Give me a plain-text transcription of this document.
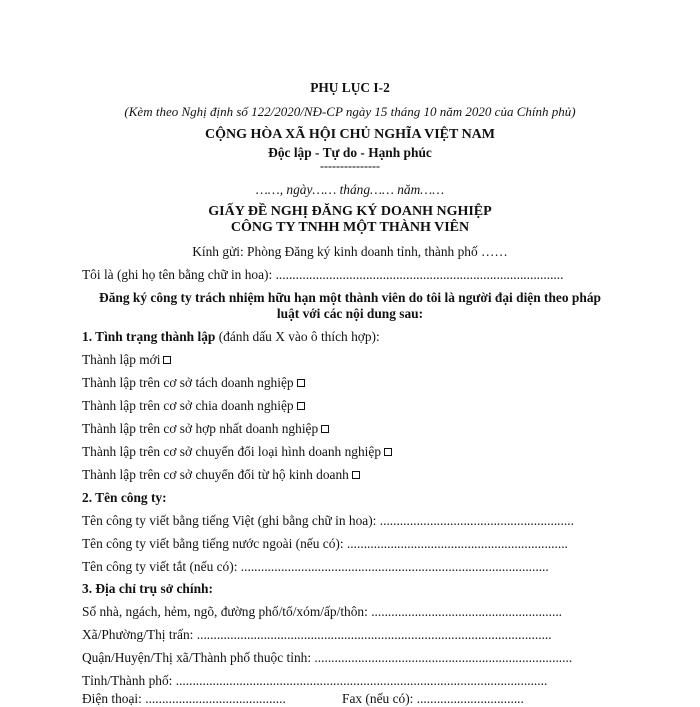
PHỤ LỤC I-2
(Kèm theo Nghị định số 122/2020/NĐ-CP ngày 15 tháng 10 năm 2020 của Chính phủ)
CỘNG HÒA XÃ HỘI CHỦ NGHĨA VIỆT NAM
Độc lập - Tự do - Hạnh phúc
---------------
……, ngày…… tháng…… năm……
GIẤY ĐỀ NGHỊ ĐĂNG KÝ DOANH NGHIỆP
CÔNG TY TNHH MỘT THÀNH VIÊN
Kính gửi: Phòng Đăng ký kinh doanh tỉnh, thành phố ……
Tôi là (ghi họ tên bằng chữ in hoa): ......................................................................................
Đăng ký công ty trách nhiệm hữu hạn một thành viên do tôi là người đại diện theo pháp
luật với các nội dung sau:
1. Tình trạng thành lập (đánh dấu X vào ô thích hợp):
Thành lập mới
Thành lập trên cơ sở tách doanh nghiệp
Thành lập trên cơ sở chia doanh nghiệp
Thành lập trên cơ sở hợp nhất doanh nghiệp
Thành lập trên cơ sở chuyển đổi loại hình doanh nghiệp
Thành lập trên cơ sở chuyển đổi từ hộ kinh doanh
2. Tên công ty:
Tên công ty viết bằng tiếng Việt (ghi bằng chữ in hoa): ..........................................................
Tên công ty viết bằng tiếng nước ngoài (nếu có): ..................................................................
Tên công ty viết tắt (nếu có): ............................................................................................
3. Địa chỉ trụ sở chính:
Số nhà, ngách, hẻm, ngõ, đường phố/tổ/xóm/ấp/thôn: .........................................................
Xã/Phường/Thị trấn: ..........................................................................................................
Quận/Huyện/Thị xã/Thành phố thuộc tỉnh: .............................................................................
Tỉnh/Thành phố: ...............................................................................................................
Điện thoại: ..........................................	Fax (nếu có): ................................
